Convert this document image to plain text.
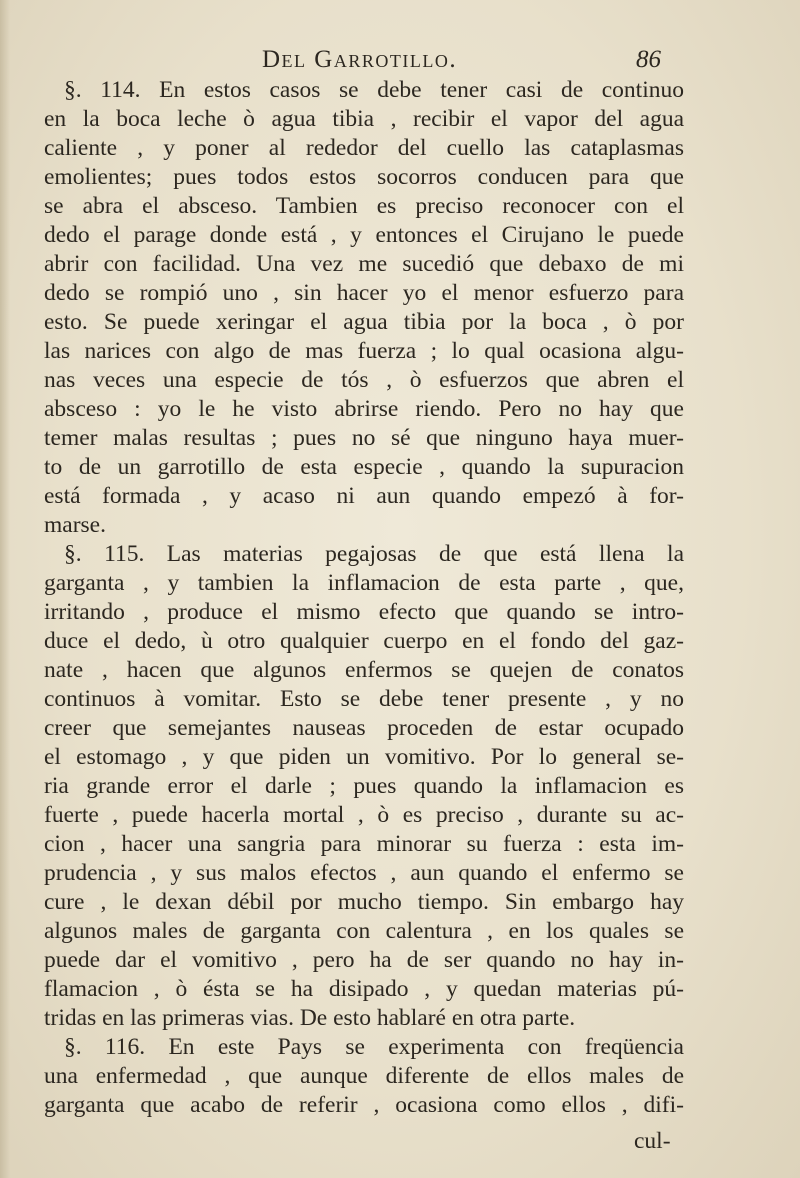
Del Garrotillo.	86
§. 114. En estos casos se debe tener casi de continuo
en la boca leche ò agua tibia , recibir el vapor del agua
caliente , y poner al rededor del cuello las cataplasmas
emolientes; pues todos estos socorros conducen para que
se abra el absceso. Tambien es preciso reconocer con el
dedo el parage donde está , y entonces el Cirujano le puede
abrir con facilidad. Una vez me sucedió que debaxo de mi
dedo se rompió uno , sin hacer yo el menor esfuerzo para
esto. Se puede xeringar el agua tibia por la boca , ò por
las narices con algo de mas fuerza ; lo qual ocasiona algu-
nas veces una especie de tós , ò esfuerzos que abren el
absceso : yo le he visto abrirse riendo. Pero no hay que
temer malas resultas ; pues no sé que ninguno haya muer-
to de un garrotillo de esta especie , quando la supuracion
está formada , y acaso ni aun quando empezó à for-
marse.
§. 115. Las materias pegajosas de que está llena la
garganta , y tambien la inflamacion de esta parte , que,
irritando , produce el mismo efecto que quando se intro-
duce el dedo, ù otro qualquier cuerpo en el fondo del gaz-
nate , hacen que algunos enfermos se quejen de conatos
continuos à vomitar. Esto se debe tener presente , y no
creer que semejantes nauseas proceden de estar ocupado
el estomago , y que piden un vomitivo. Por lo general se-
ria grande error el darle ; pues quando la inflamacion es
fuerte , puede hacerla mortal , ò es preciso , durante su ac-
cion , hacer una sangria para minorar su fuerza : esta im-
prudencia , y sus malos efectos , aun quando el enfermo se
cure , le dexan débil por mucho tiempo. Sin embargo hay
algunos males de garganta con calentura , en los quales se
puede dar el vomitivo , pero ha de ser quando no hay in-
flamacion , ò ésta se ha disipado , y quedan materias pú-
tridas en las primeras vias. De esto hablaré en otra parte.
§. 116. En este Pays se experimenta con freqüencia
una enfermedad , que aunque diferente de ellos males de
garganta que acabo de referir , ocasiona como ellos , difi-
cul-
